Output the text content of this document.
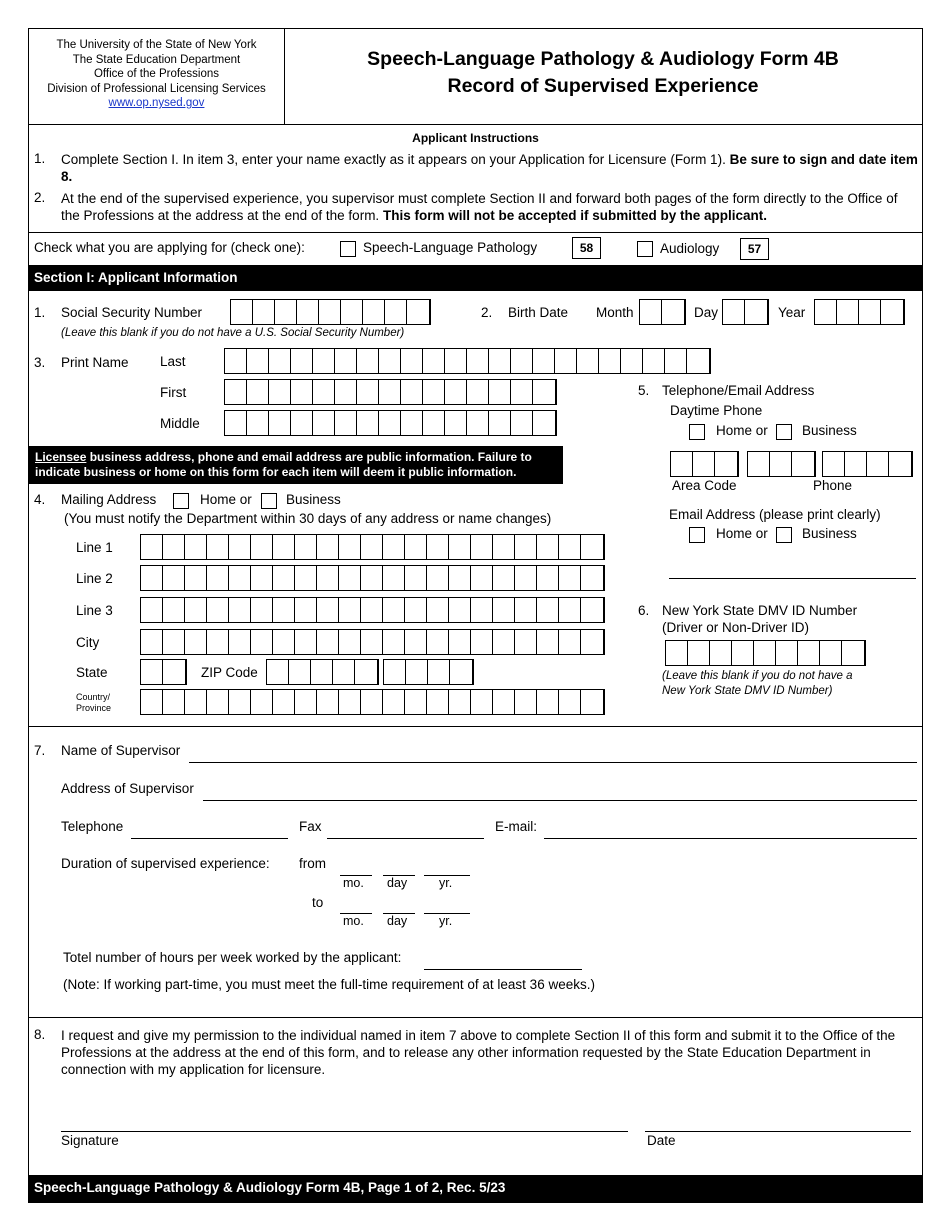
The University of the State of New York
The State Education Department
Office of the Professions
Division of Professional Licensing Services
www.op.nysed.gov
Speech-Language Pathology & Audiology Form 4B
Record of Supervised Experience
Applicant Instructions
1. Complete Section I. In item 3, enter your name exactly as it appears on your Application for Licensure (Form 1). Be sure to sign and date item 8.
2. At the end of the supervised experience, you supervisor must complete Section II and forward both pages of the form directly to the Office of the Professions at the address at the end of the form. This form will not be accepted if submitted by the applicant.
Check what you are applying for (check one):	Speech-Language Pathology	58	Audiology	57
Section I: Applicant Information
1. Social Security Number
(Leave this blank if you do not have a U.S. Social Security Number)
2. Birth Date Month	Day	Year
3. Print Name Last
First
Middle
Licensee business address, phone and email address are public information. Failure to indicate business or home on this form for each item will deem it public information.
4. Mailing Address	Home or	Business
(You must notify the Department within 30 days of any address or name changes)
Line 1
Line 2
Line 3
City
State	ZIP Code
Country/
Province
5. Telephone/Email Address
Daytime Phone
Home or	Business
Area Code	Phone
Email Address (please print clearly)
Home or	Business
6. New York State DMV ID Number
(Driver or Non-Driver ID)
(Leave this blank if you do not have a
New York State DMV ID Number)
7. Name of Supervisor
Address of Supervisor
Telephone	Fax	E-mail:
Duration of supervised experience: from
mo. day	yr.
to
mo. day	yr.
Totel number of hours per week worked by the applicant:
(Note: If working part-time, you must meet the full-time requirement of at least 36 weeks.)
8. I request and give my permission to the individual named in item 7 above to complete Section II of this form and submit it to the Office of the Professions at the address at the end of this form, and to release any other information requested by the State Education Department in connection with my application for licensure.
Signature	Date
Speech-Language Pathology & Audiology Form 4B, Page 1 of 2, Rec. 5/23
